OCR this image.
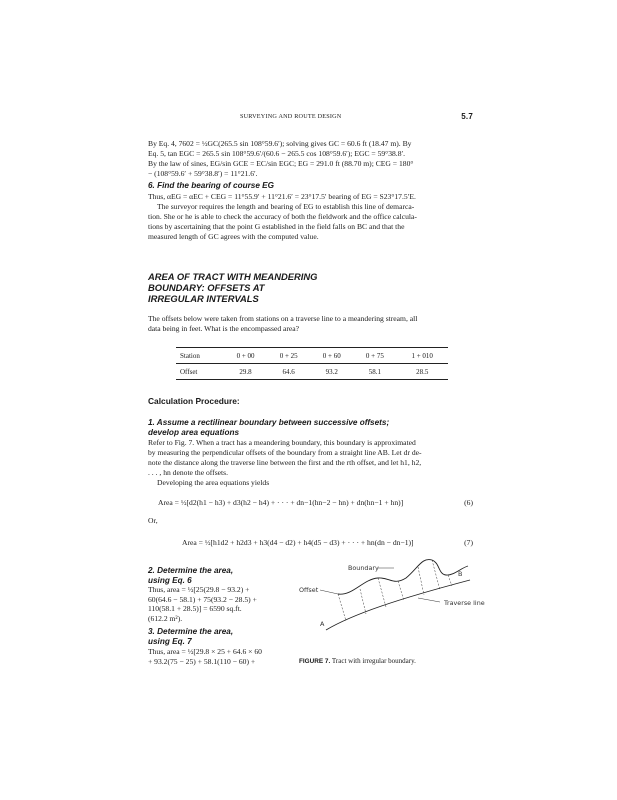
SURVEYING AND ROUTE DESIGN	5.7

By Eq. 4, 7602 = ½GC(265.5 sin 108°59.6′); solving gives GC = 60.6 ft (18.47 m). By

Eq. 5, tan EGC = 265.5 sin 108°59.6′/(60.6 − 265.5 cos 108°59.6′); EGC = 59°38.8′.

By the law of sines, EG/sin GCE = EC/sin EGC; EG = 291.0 ft (88.70 m); CEG = 180°

− (108°59.6′ + 59°38.8′) = 11°21.6′.

6. Find the bearing of course EG

Thus, αEG = αEC + CEG = 11°55.9′ + 11°21.6′ = 23°17.5′ bearing of EG = S23°17.5′E.

The surveyor requires the length and bearing of EG to establish this line of demarca-

tion. She or he is able to check the accuracy of both the fieldwork and the office calcula-

tions by ascertaining that the point G established in the field falls on BC and that the

measured length of GC agrees with the computed value.

AREA OF TRACT WITH MEANDERING
BOUNDARY: OFFSETS AT
IRREGULAR INTERVALS

The offsets below were taken from stations on a traverse line to a meandering stream, all

data being in feet. What is the encompassed area?

Station	0 + 00	0 + 25	0 + 60	0 + 75	1 + 010
Offset	29.8	64.6	93.2	58.1	28.5
Calculation Procedure:
1. Assume a rectilinear boundary between successive offsets;
develop area equations

Refer to Fig. 7. When a tract has a meandering boundary, this boundary is approximated

by measuring the perpendicular offsets of the boundary from a straight line AB. Let dr de-

note the distance along the traverse line between the first and the rth offset, and let h1, h2,

. . . , hn denote the offsets.

Developing the area equations yields

Area = ½[d2(h1 − h3) + d3(h2 − h4) + · · · + dn−1(hn−2 − hn) + dn(hn−1 + hn)]	(6)

Or,

Area = ½[h1d2 + h2d3 + h3(d4 − d2) + h4(d5 − d3) + · · · + hn(dn − dn−1)]	(7)
2. Determine the area,
using Eq. 6

Thus, area = ½[25(29.8 − 93.2) +

60(64.6 − 58.1) + 75(93.2 − 28.5) +

110(58.1 + 28.5)] = 6590 sq.ft.

(612.2 m²).

3. Determine the area,
using Eq. 7

Thus, area = ½[29.8 × 25 + 64.6 × 60

+ 93.2(75 − 25) + 58.1(110 − 60) +

Boundary
Offset
Traverse line
A
B
FIGURE 7. Tract with irregular boundary.
